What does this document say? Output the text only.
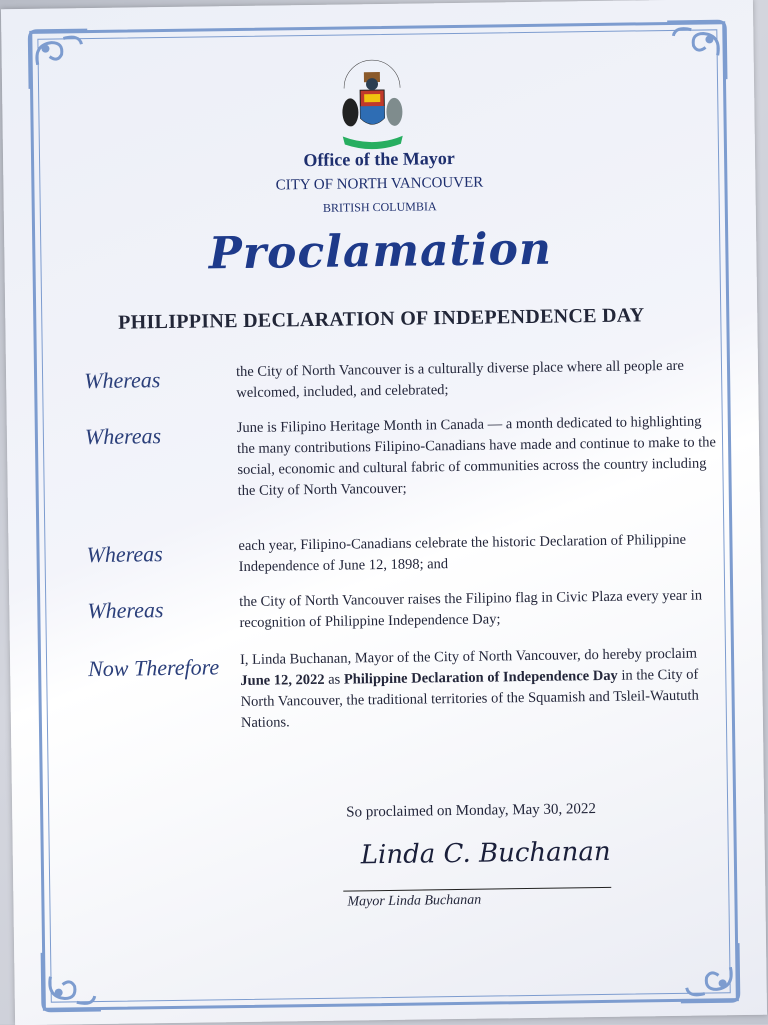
Office of the Mayor
CITY OF NORTH VANCOUVER
BRITISH COLUMBIA
Proclamation
PHILIPPINE DECLARATION OF INDEPENDENCE DAY
Whereas	the City of North Vancouver is a culturally diverse place where all people are welcomed, included, and celebrated;
Whereas	June is Filipino Heritage Month in Canada — a month dedicated to highlighting the many contributions Filipino-Canadians have made and continue to make to the social, economic and cultural fabric of communities across the country including the City of North Vancouver;
Whereas	each year, Filipino-Canadians celebrate the historic Declaration of Philippine Independence of June 12, 1898; and
Whereas	the City of North Vancouver raises the Filipino flag in Civic Plaza every year in recognition of Philippine Independence Day;
Now Therefore	I, Linda Buchanan, Mayor of the City of North Vancouver, do hereby proclaim June 12, 2022 as Philippine Declaration of Independence Day in the City of North Vancouver, the traditional territories of the Squamish and Tsleil-Waututh Nations.
So proclaimed on Monday, May 30, 2022
Linda C. Buchanan
Mayor Linda Buchanan
